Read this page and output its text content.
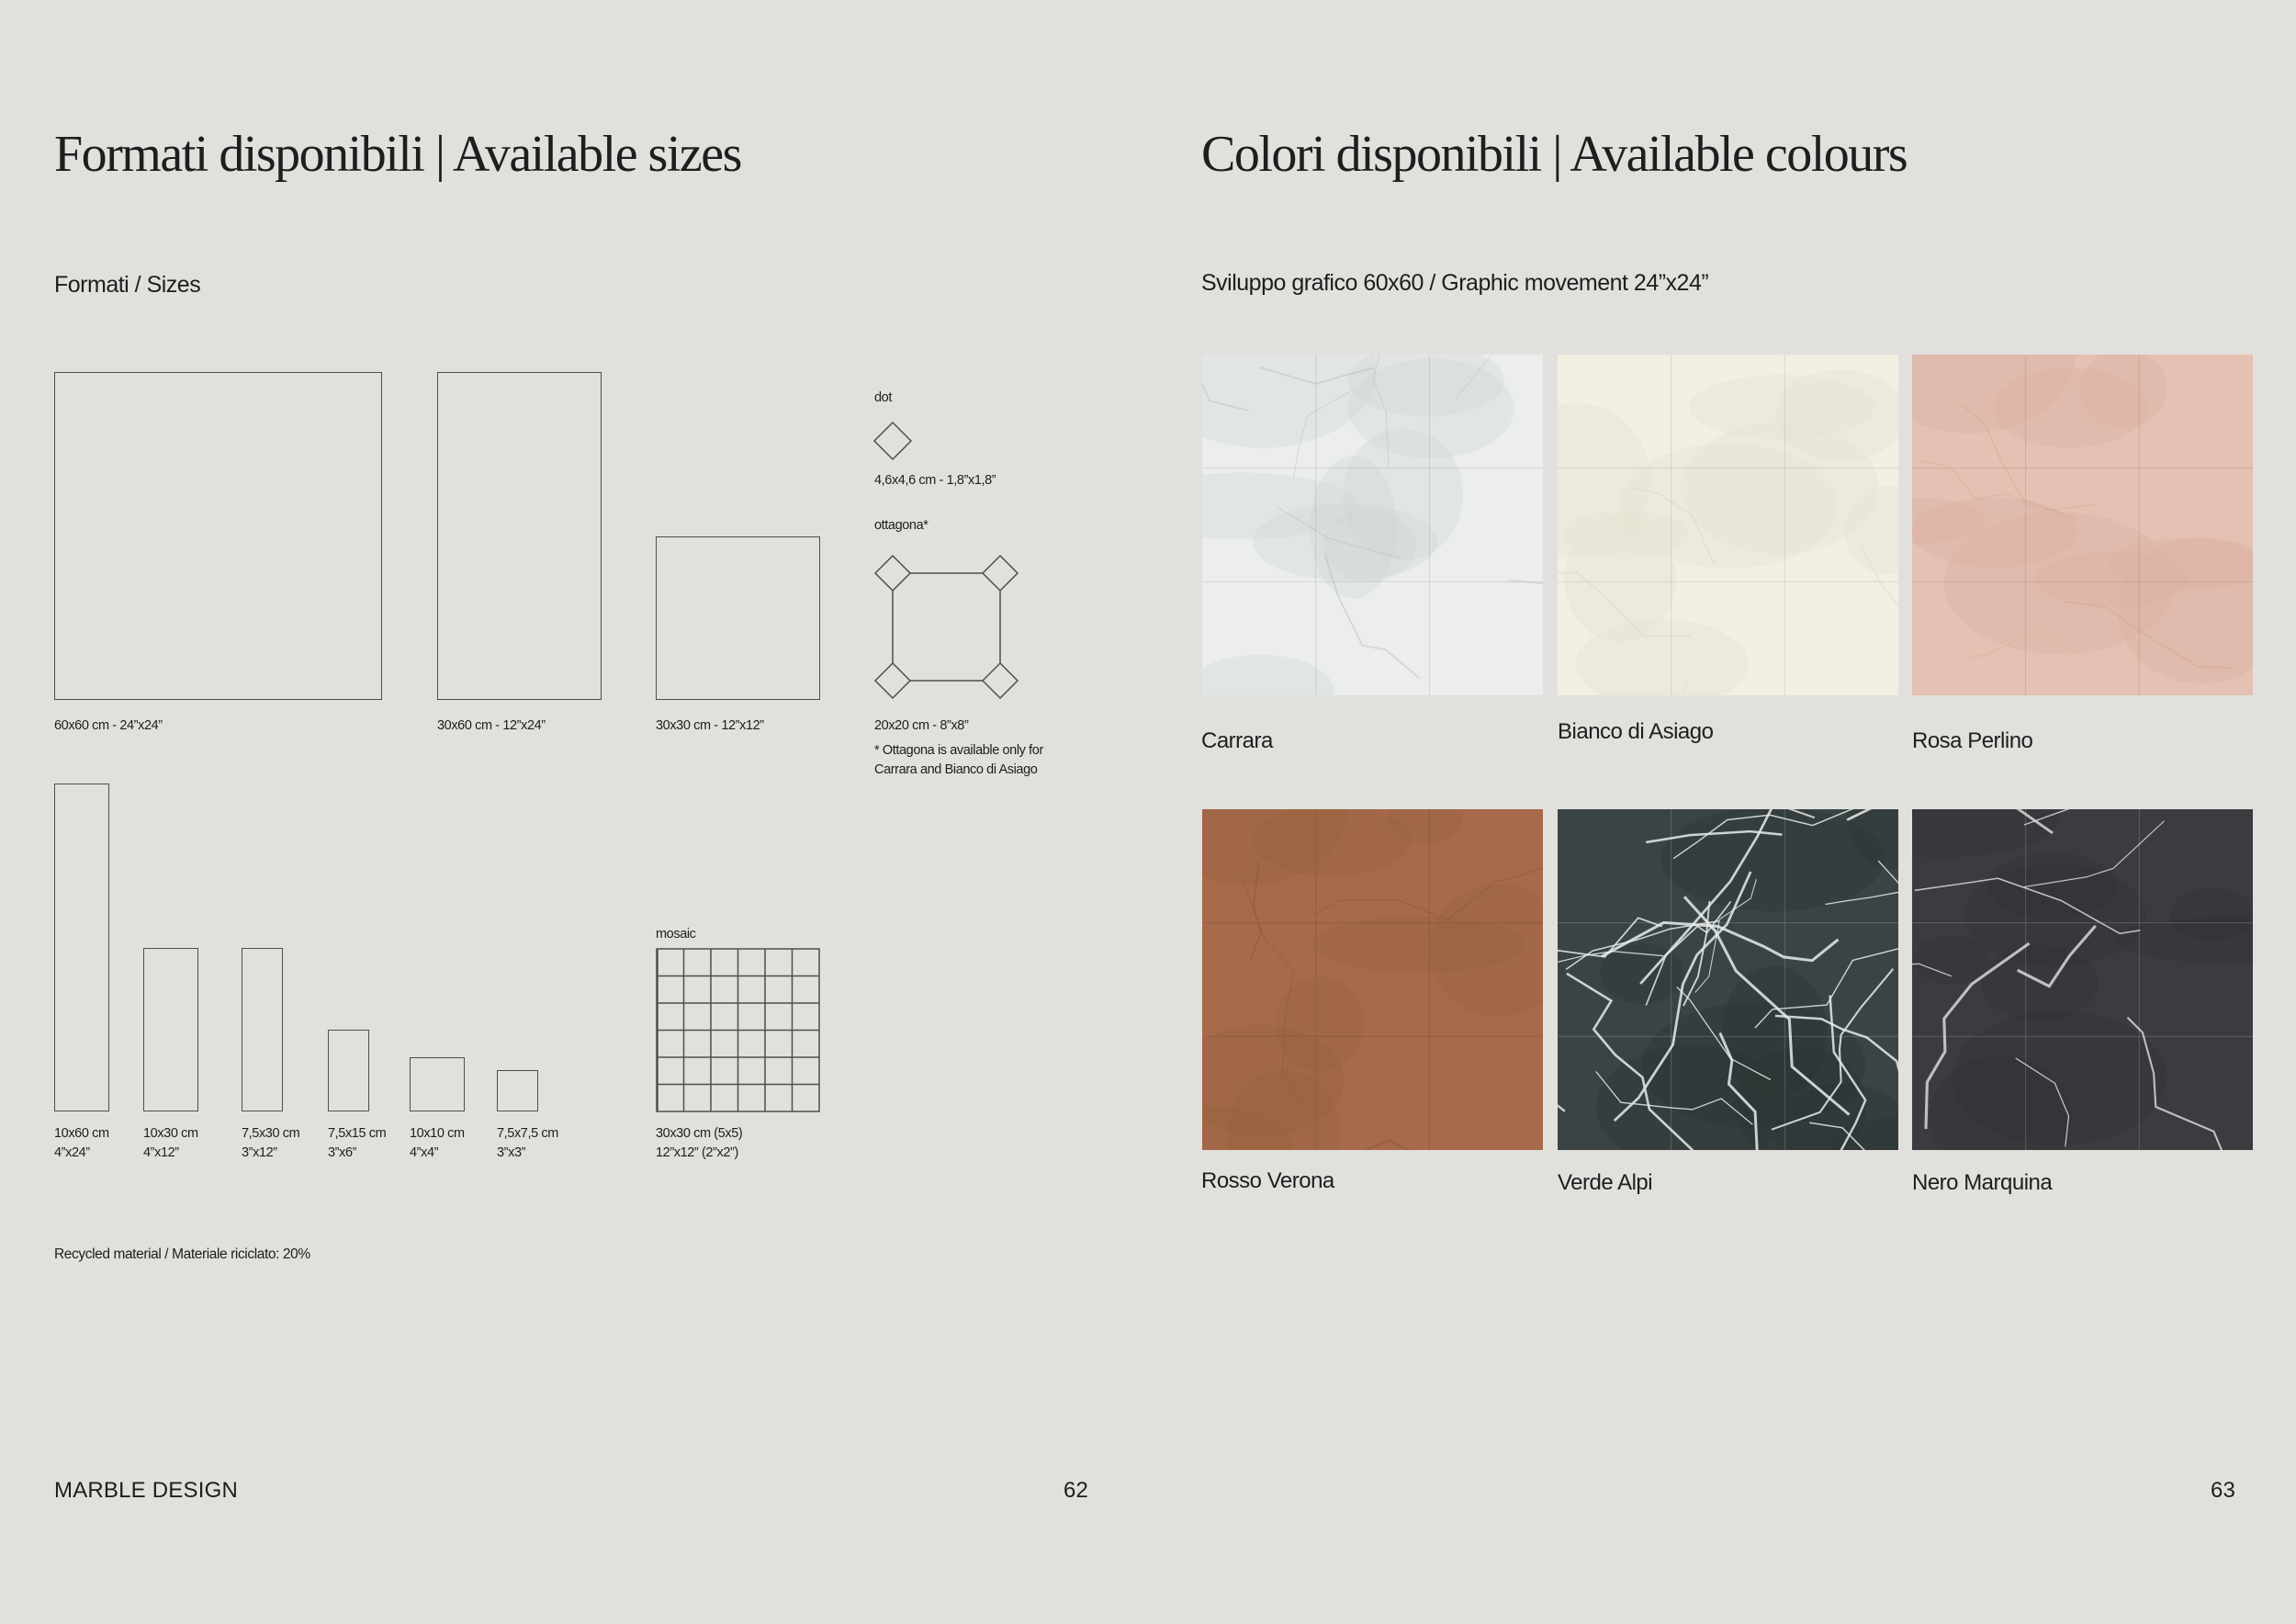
Formati disponibili | Available sizes
Formati / Sizes
60x60 cm - 24”x24”	30x60 cm - 12”x24”	30x30 cm - 12”x12”
dot
4,6x4,6 cm - 1,8”x1,8”
ottagona*
20x20 cm - 8”x8”
* Ottagona is available only for
Carrara and Bianco di Asiago
mosaic
10x60 cm
4”x24”
10x30 cm
4”x12”
7,5x30 cm
3”x12”
7,5x15 cm
3”x6”
10x10 cm
4”x4”
7,5x7,5 cm
3”x3”
30x30 cm (5x5)
12”x12” (2”x2”)
Recycled material / Materiale riciclato: 20%
MARBLE DESIGN	62
Colori disponibili | Available colours
Sviluppo grafico 60x60 / Graphic movement 24”x24”
Carrara	Bianco di Asiago	Rosa Perlino
Rosso Verona	Verde Alpi	Nero Marquina
63
